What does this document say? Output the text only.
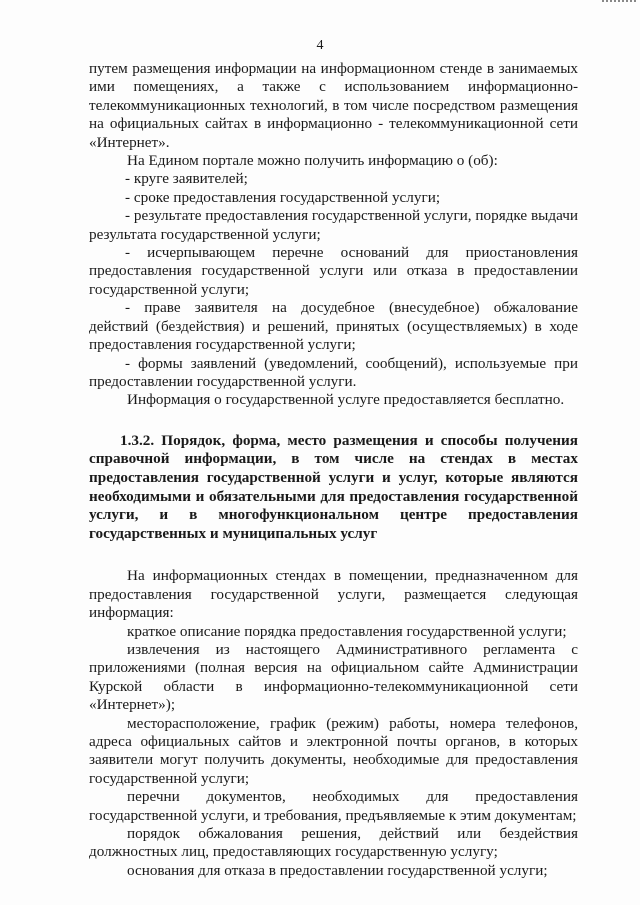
4

путем размещения информации на информационном стенде в занимаемых ими помещениях, а также с использованием информационно-телекоммуникационных технологий, в том числе посредством размещения на официальных сайтах в информационно - телекоммуникационной сети «Интернет».

На Едином портале можно получить информацию о (об):

- круге заявителей;

- сроке предоставления государственной услуги;

- результате предоставления государственной услуги, порядке выдачи результата государственной услуги;

- исчерпывающем перечне оснований для приостановления предоставления государственной услуги или отказа в предоставлении государственной услуги;

- праве заявителя на досудебное (внесудебное) обжалование действий (бездействия) и решений, принятых (осуществляемых) в ходе предоставления государственной услуги;

- формы заявлений (уведомлений, сообщений), используемые при предоставлении государственной услуги.

Информация о государственной услуге предоставляется бесплатно.

1.3.2. Порядок, форма, место размещения и способы получения справочной информации, в том числе на стендах в местах предоставления государственной услуги и услуг, которые являются необходимыми и обязательными для предоставления государственной услуги, и в многофункциональном центре предоставления государственных и муниципальных услуг

На информационных стендах в помещении, предназначенном для предоставления государственной услуги, размещается следующая информация:

краткое описание порядка предоставления государственной услуги;

извлечения из настоящего Административного регламента с приложениями (полная версия на официальном сайте Администрации Курской области в информационно-телекоммуникационной сети «Интернет»);

месторасположение, график (режим) работы, номера телефонов, адреса официальных сайтов и электронной почты органов, в которых заявители могут получить документы, необходимые для предоставления государственной услуги;

перечни документов, необходимых для предоставления государственной услуги, и требования, предъявляемые к этим документам;

порядок обжалования решения, действий или бездействия должностных лиц, предоставляющих государственную услугу;

основания для отказа в предоставлении государственной услуги;
